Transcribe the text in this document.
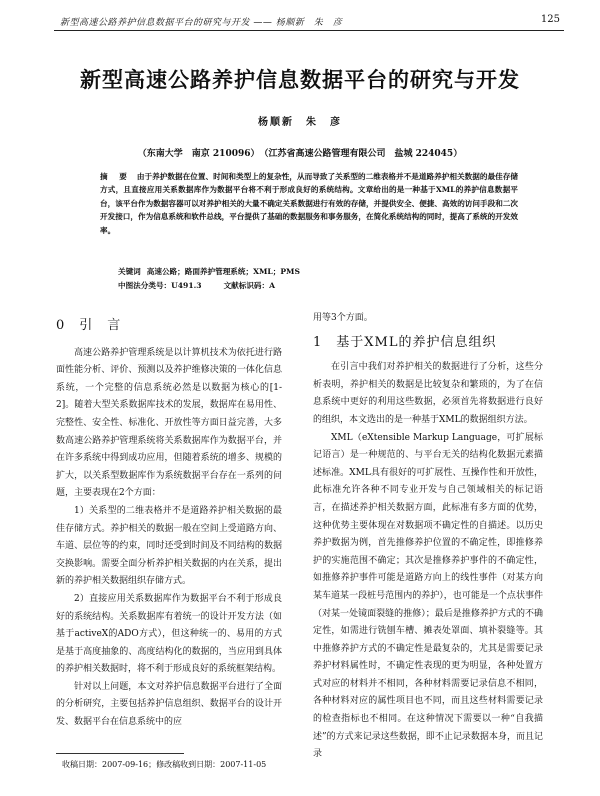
新型高速公路养护信息数据平台的研究与开发 —— 杨顺新　朱　彦	125
新型高速公路养护信息数据平台的研究与开发
杨顺新　朱　彦
（东南大学　南京 210096）　（江苏省高速公路管理有限公司　盐城 224045）
摘　要 由于养护数据在位置、时间和类型上的复杂性，从而导致了关系型的二维表格并不是道路养护相关数据的最佳存储方式，且直接应用关系数据库作为数据平台将不利于形成良好的系统结构。文章给出的是一种基于XML的养护信息数据平台，该平台作为数据容器可以对养护相关的大量不确定关系数据进行有效的存储，并提供安全、便捷、高效的访问手段和二次开发接口，作为信息系统和软件总线，平台提供了基础的数据服务和事务服务，在简化系统结构的同时，提高了系统的开发效率。
关键词 高速公路；路面养护管理系统；XML；PMS
中图法分类号：U491.3	文献标识码：A
0 引　言

高速公路养护管理系统是以计算机技术为依托进行路面性能分析、评价、预测以及养护维修决策的一体化信息系统，一个完整的信息系统必然是以数据为核心的[1-2]。随着大型关系数据库技术的发展，数据库在易用性、完整性、安全性、标准化、开放性等方面日益完善，大多数高速公路养护管理系统将关系数据库作为数据平台，并在许多系统中得到成功应用，但随着系统的增多、规模的扩大，以关系型数据库作为系统数据平台存在一系列的问题，主要表现在2个方面：

1）关系型的二维表格并不是道路养护相关数据的最佳存储方式。养护相关的数据一般在空间上受道路方向、车道、层位等的约束，同时还受到时间及不同结构的数据交换影响。需要全面分析养护相关数据的内在关系，提出新的养护相关数据组织存储方式。

2）直接应用关系数据库作为数据平台不利于形成良好的系统结构。关系数据库有着统一的设计开发方法（如基于activeX的ADO方式），但这种统一的、易用的方式是基于高度抽象的、高度结构化的数据的，当应用到具体的养护相关数据时，将不利于形成良好的系统框架结构。

针对以上问题，本文对养护信息数据平台进行了全面的分析研究，主要包括养护信息组织、数据平台的设计开发、数据平台在信息系统中的应

用等3个方面。

1 基于XML的养护信息组织

在引言中我们对养护相关的数据进行了分析，这些分析表明，养护相关的数据是比较复杂和繁琐的，为了在信息系统中更好的利用这些数据，必须首先将数据进行良好的组织，本文选出的是一种基于XML的数据组织方法。

XML（eXtensible Markup Language，可扩展标记语言）是一种规范的、与平台无关的结构化数据元素描述标准。XML具有很好的可扩展性、互操作性和开放性，此标准允许各种不同专业开发与自己领域相关的标记语言，在描述养护相关数据方面，此标准有多方面的优势，这种优势主要体现在对数据项不确定性的自描述。以历史养护数据为例，首先推修养护位置的不确定性，即推修养护的实施范围不确定；其次是推修养护事件的不确定性，如推修养护事件可能是道路方向上的线性事件（对某方向某车道某一段桩号范围内的养护），也可能是一个点状事件（对某一处镜面裂缝的推修）；最后是推修养护方式的不确定性，如需进行铣刨车槽、摊表处罩面、填补裂缝等。其中推修养护方式的不确定性是最复杂的，尤其是需要记录养护材料属性时，不确定性表现的更为明显，各种处置方式对应的材料并不相同，各种材料需要记录信息不相同，各种材料对应的属性项目也不同，而且这些材料需要记录的检查指标也不相同。在这种情况下需要以一种“自我描述”的方式来记录这些数据，即不止记录数据本身，而且记录

收稿日期：2007-09-16；修改稿收到日期：2007-11-05
